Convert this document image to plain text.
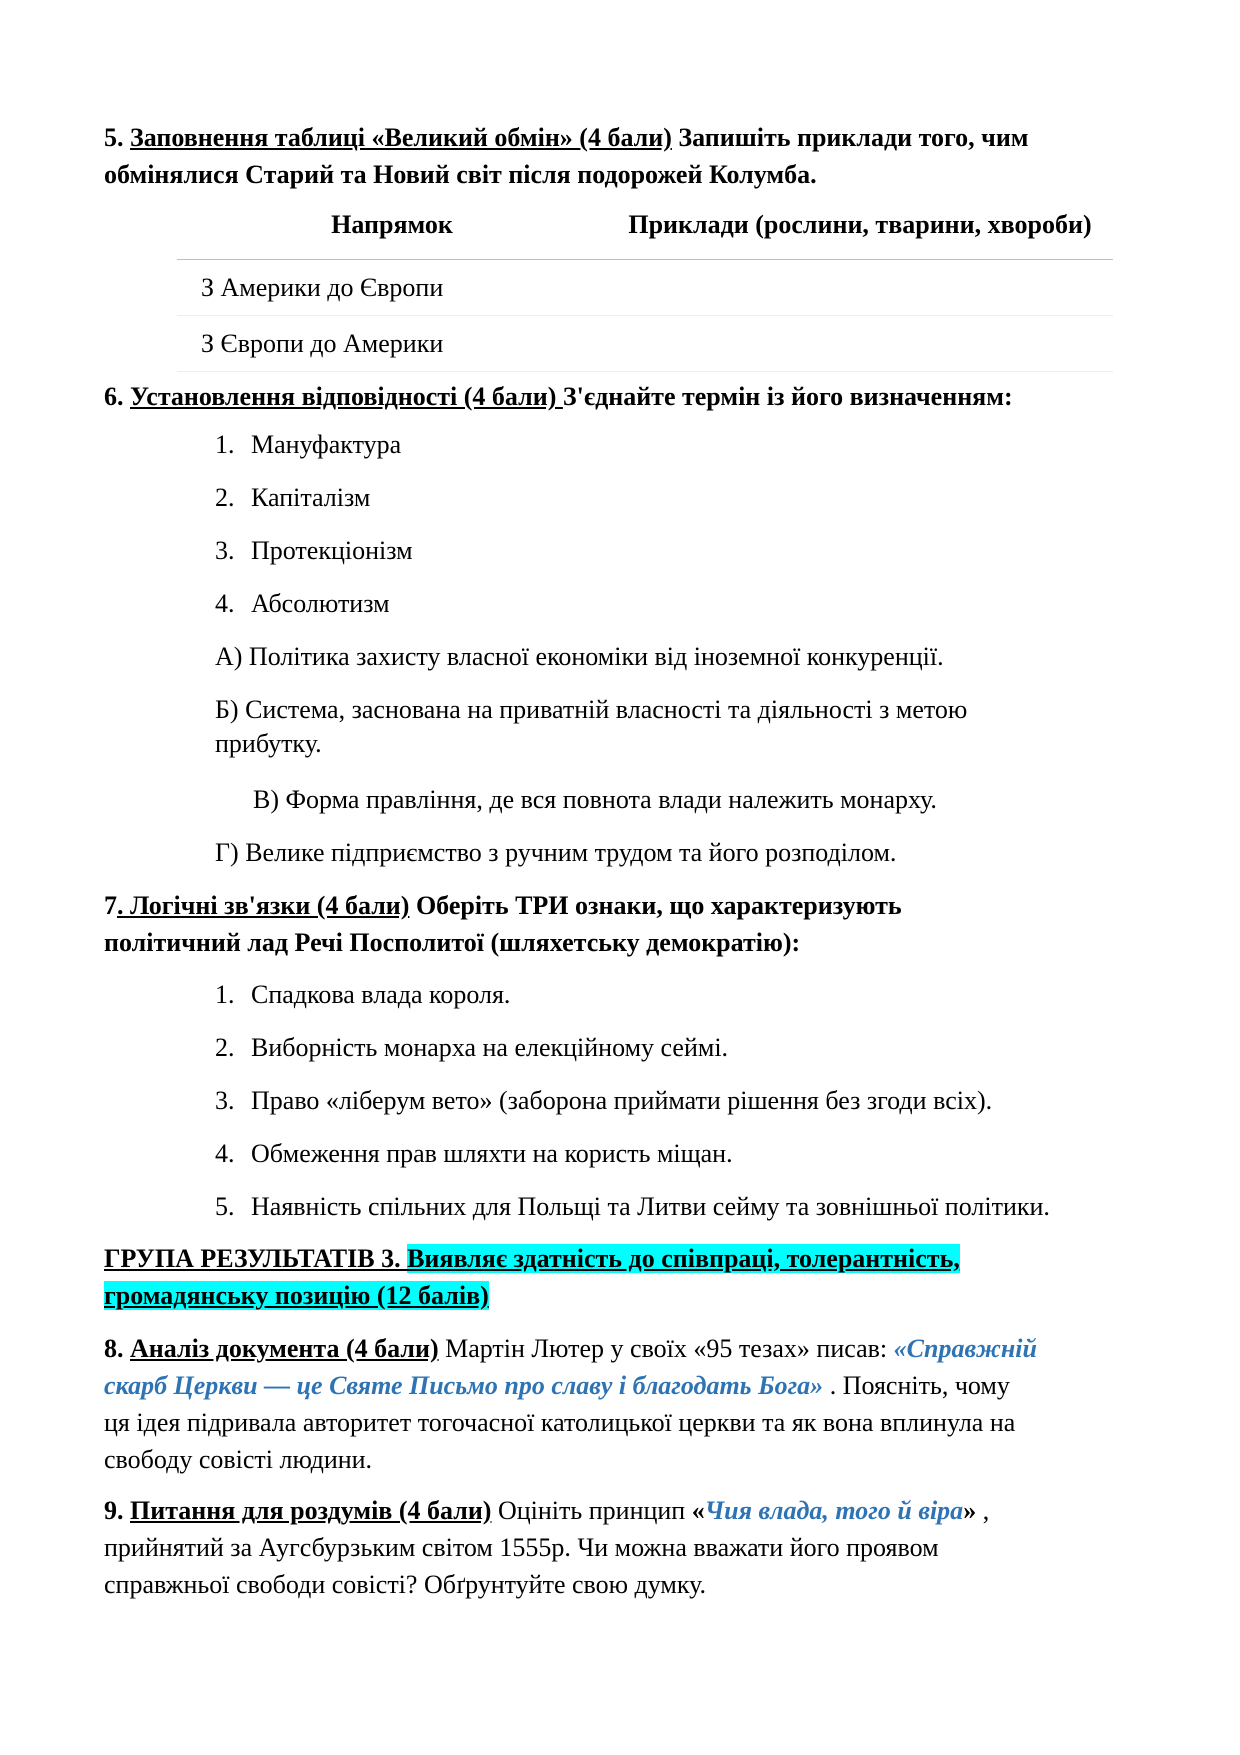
5. Заповнення таблиці «Великий обмін» (4 бали) Запишіть приклади того, чим

обмінялися Старий та Новий світ після подорожей Колумба.

Напрямок	Приклади (рослини, тварини, хвороби)
З Америки до Європи	
З Європи до Америки	

6. Установлення відповідності (4 бали) З'єднайте термін із його визначенням:

1. Мануфактура
2. Капіталізм
3. Протекціонізм
4. Абсолютизм
А) Політика захисту власної економіки від іноземної конкуренції.

Б) Система, заснована на приватній власності та діяльності з метою

прибутку.

В) Форма правління, де вся повнота влади належить монарху.
Г) Велике підприємство з ручним трудом та його розподілом.

7. Логічні зв'язки (4 бали) Оберіть ТРИ ознаки, що характеризують

політичний лад Речі Посполитої (шляхетську демократію):

1. Спадкова влада короля.
2. Виборність монарха на елекційному сеймі.
3. Право «ліберум вето» (заборона приймати рішення без згоди всіх).
4. Обмеження прав шляхти на користь міщан.
5. Наявність спільних для Польщі та Литви сейму та зовнішньої політики.

ГРУПА РЕЗУЛЬТАТІВ 3. Виявляє здатність до співпраці, толерантність,

громадянську позицію (12 балів)

8. Аналіз документа (4 бали) Мартін Лютер у своїх «95 тезах» писав: «Справжній

скарб Церкви — це Святе Письмо про славу і благодать Бога» . Поясніть, чому

ця ідея підривала авторитет тогочасної католицької церкви та як вона вплинула на

свободу совісті людини.

9. Питання для роздумів (4 бали) Оцініть принцип «Чия влада, того й віра» ,

прийнятий за Аугсбурзьким світом 1555р. Чи можна вважати його проявом

справжньої свободи совісті? Обґрунтуйте свою думку.
